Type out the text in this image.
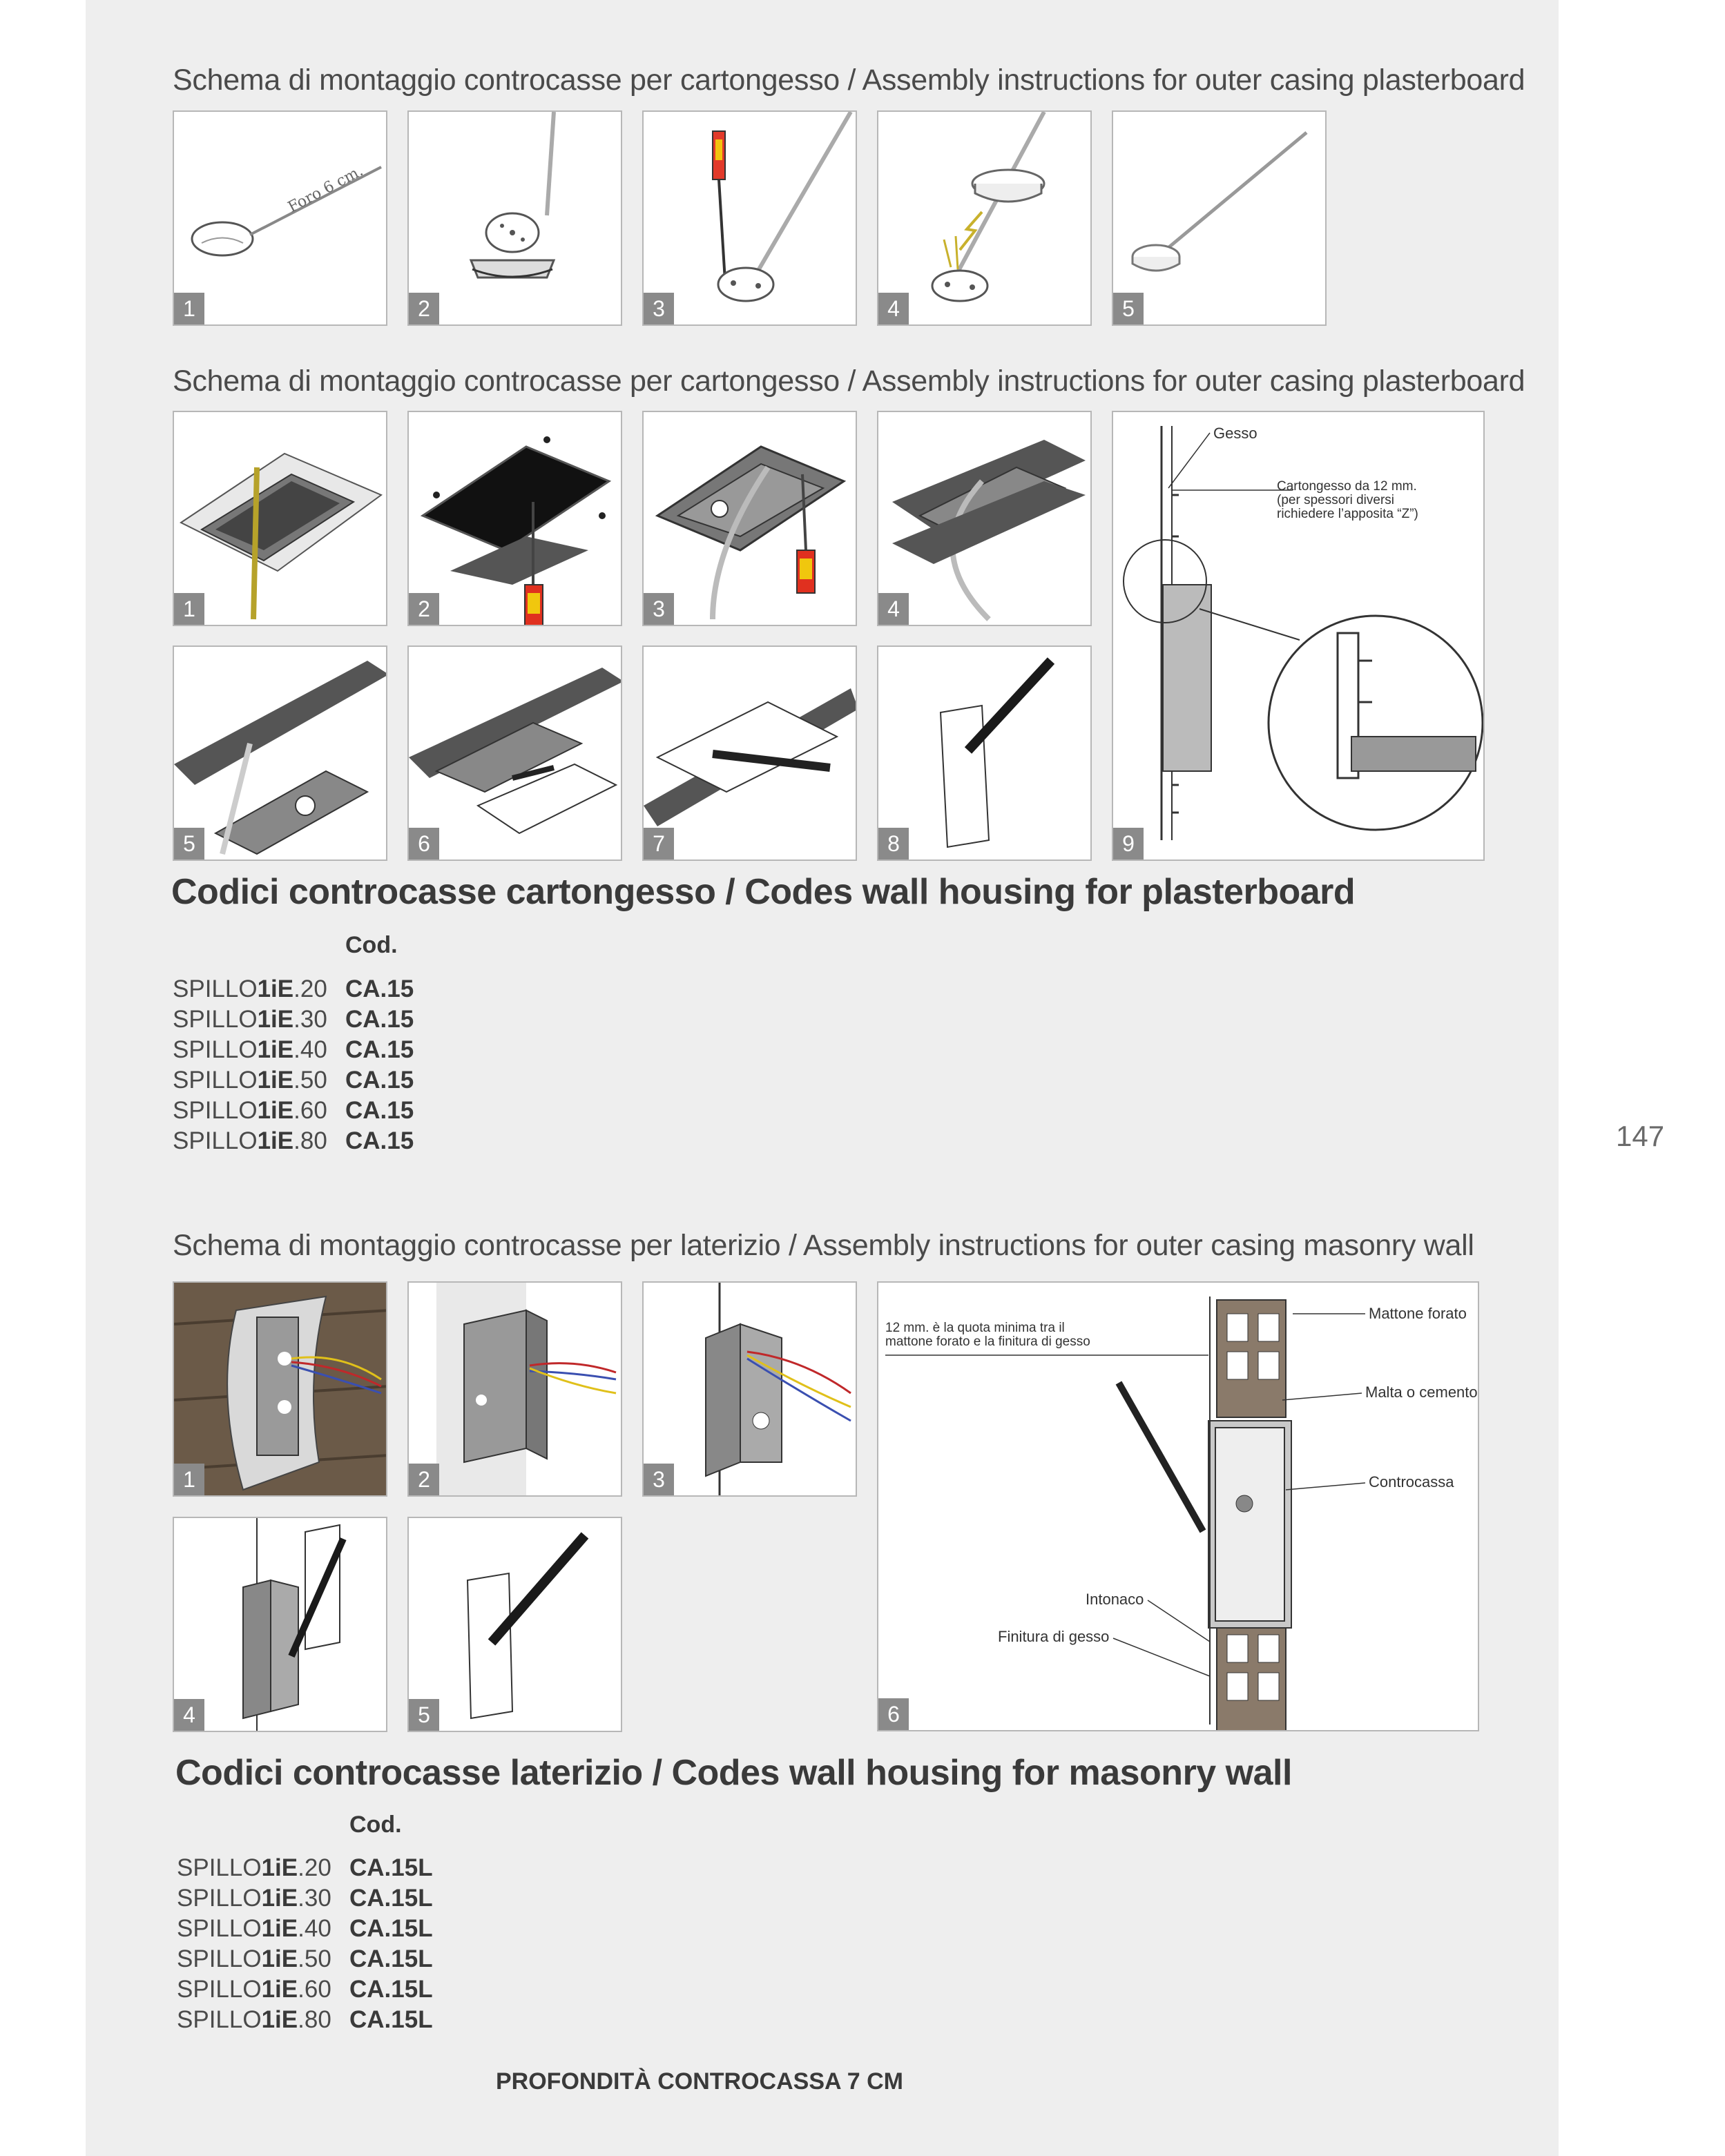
Schema di montaggio controcasse per cartongesso / Assembly instructions for outer casing plasterboard
Foro 6 cm.
1	2	3	4	5
Schema di montaggio controcasse per cartongesso / Assembly instructions for outer casing plasterboard
1	2	3	4
Gesso
Cartongesso da 12 mm.
(per spessori diversi
richiedere l’apposita “Z”)
9
5	6	7	8
Codici controcasse cartongesso / Codes wall housing for plasterboard
Cod.
SPILLO1iE.20	CA.15
SPILLO1iE.30	CA.15
SPILLO1iE.40	CA.15
SPILLO1iE.50	CA.15
SPILLO1iE.60	CA.15
SPILLO1iE.80	CA.15	147
Schema di montaggio controcasse per laterizio / Assembly instructions for outer casing masonry wall
1	2	3
12 mm. è la quota minima tra il
mattone forato e la finitura di gesso
Mattone forato
Malta o cemento
Controcassa
Intonaco
Finitura di gesso
6
4	5
Codici controcasse laterizio / Codes wall housing for masonry wall
Cod.
SPILLO1iE.20	CA.15L
SPILLO1iE.30	CA.15L
SPILLO1iE.40	CA.15L
SPILLO1iE.50	CA.15L
SPILLO1iE.60	CA.15L
SPILLO1iE.80	CA.15L
PROFONDITÀ CONTROCASSA 7 CM
